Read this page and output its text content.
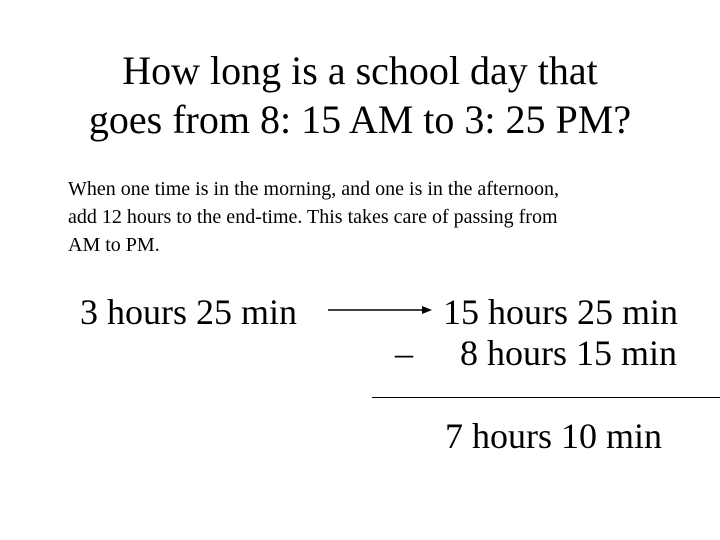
How long is a school day that
goes from 8: 15 AM to 3: 25 PM?
When one time is in the morning, and one is in the afternoon,
add 12 hours to the end-time. This takes care of passing from
AM to PM.
3 hours 25 min	15 hours 25 min
– 8 hours 15 min
7 hours 10 min
